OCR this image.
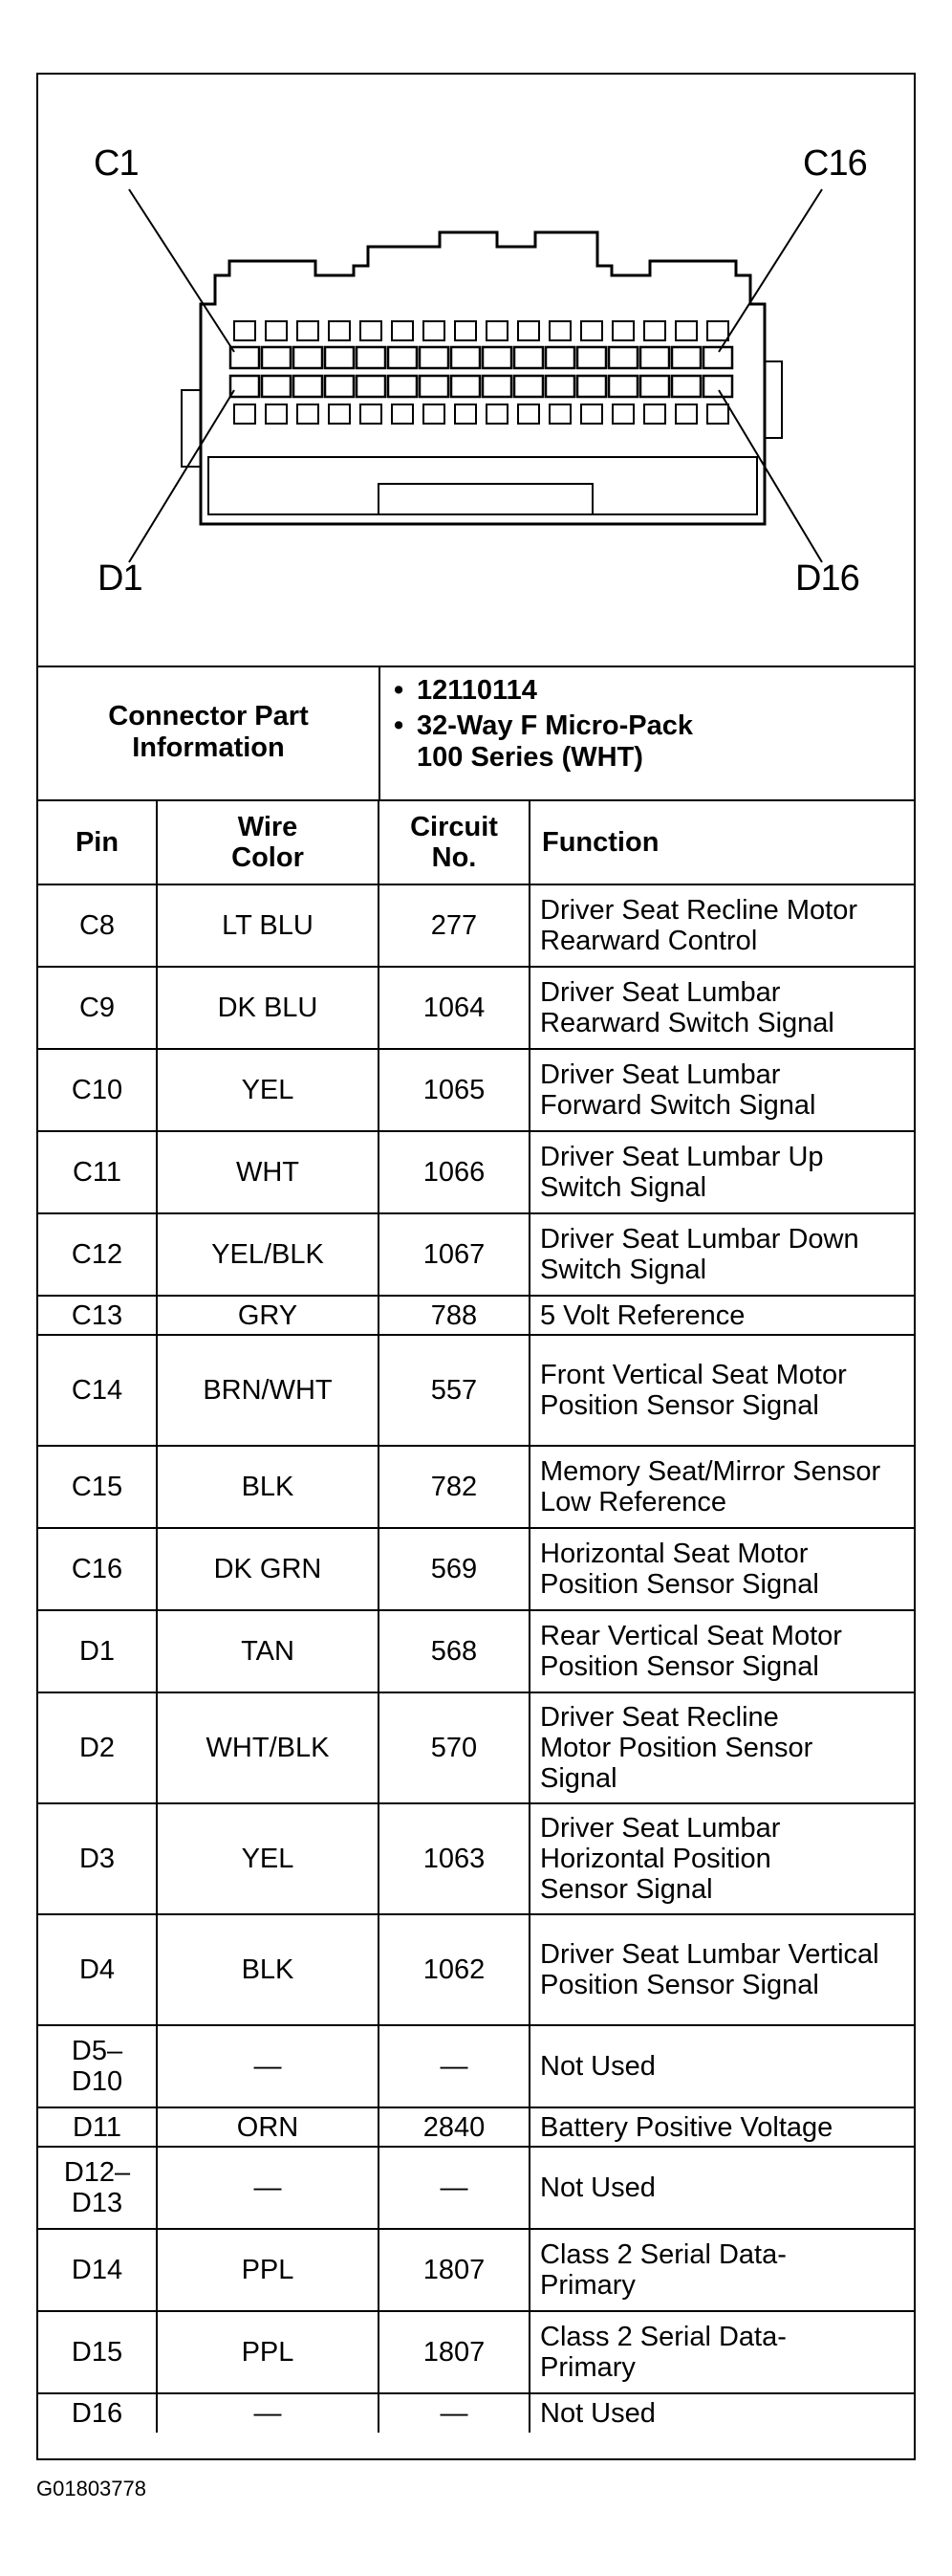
C1	C16
D1	D16
Connector Part Information
• 12110114
• 32-Way F Micro-Pack
100 Series (WHT)
Pin	Wire Color	Circuit No.	Function

C8	LT BLU	277	Driver Seat Recline Motor Rearward Control

C9	DK BLU	1064	Driver Seat Lumbar Rearward Switch Signal

C10	YEL	1065	Driver Seat Lumbar Forward Switch Signal

C11	WHT	1066	Driver Seat Lumbar Up Switch Signal

C12	YEL/BLK	1067	Driver Seat Lumbar Down Switch Signal

C13	GRY	788	5 Volt Reference

C14	BRN/WHT	557	Front Vertical Seat Motor Position Sensor Signal

C15	BLK	782	Memory Seat/Mirror Sensor Low Reference

C16	DK GRN	569	Horizontal Seat Motor Position Sensor Signal

D1	TAN	568	Rear Vertical Seat Motor Position Sensor Signal

D2	WHT/BLK	570	Driver Seat Recline Motor Position Sensor Signal

D3	YEL	1063	Driver Seat Lumbar Horizontal Position Sensor Signal

D4	BLK	1062	Driver Seat Lumbar Vertical Position Sensor Signal

D5–D10	—	—	Not Used

D11	ORN	2840	Battery Positive Voltage

D12–D13	—	—	Not Used

D14	PPL	1807	Class 2 Serial Data-Primary

D15	PPL	1807	Class 2 Serial Data-Primary

D16	—	—	Not Used
G01803778
